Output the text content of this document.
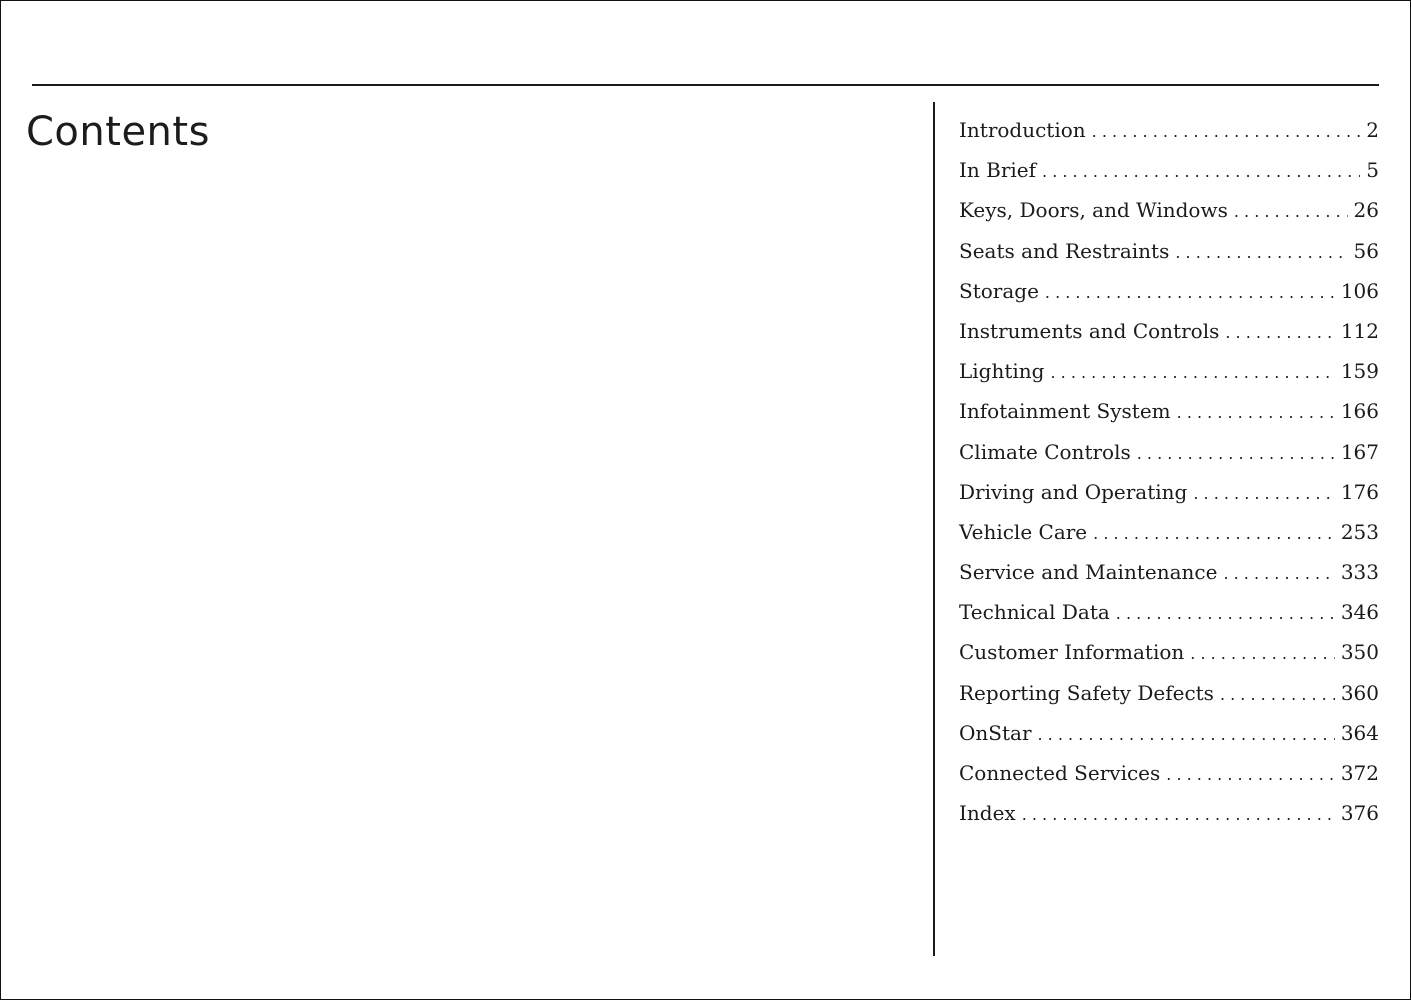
Contents	Introduction . . .	2
In Brief . . .	5
Keys, Doors, and Windows . . .	26
Seats and Restraints . . .	56
Storage . . .	106
Instruments and Controls . . .	112
Lighting . . .	159
Infotainment System . . .	166
Climate Controls . . .	167
Driving and Operating . . .	176
Vehicle Care . . .	253
Service and Maintenance . . .	333
Technical Data . . .	346
Customer Information . . .	350
Reporting Safety Defects . . .	360
OnStar . . .	364
Connected Services . . .	372
Index . . .	376
